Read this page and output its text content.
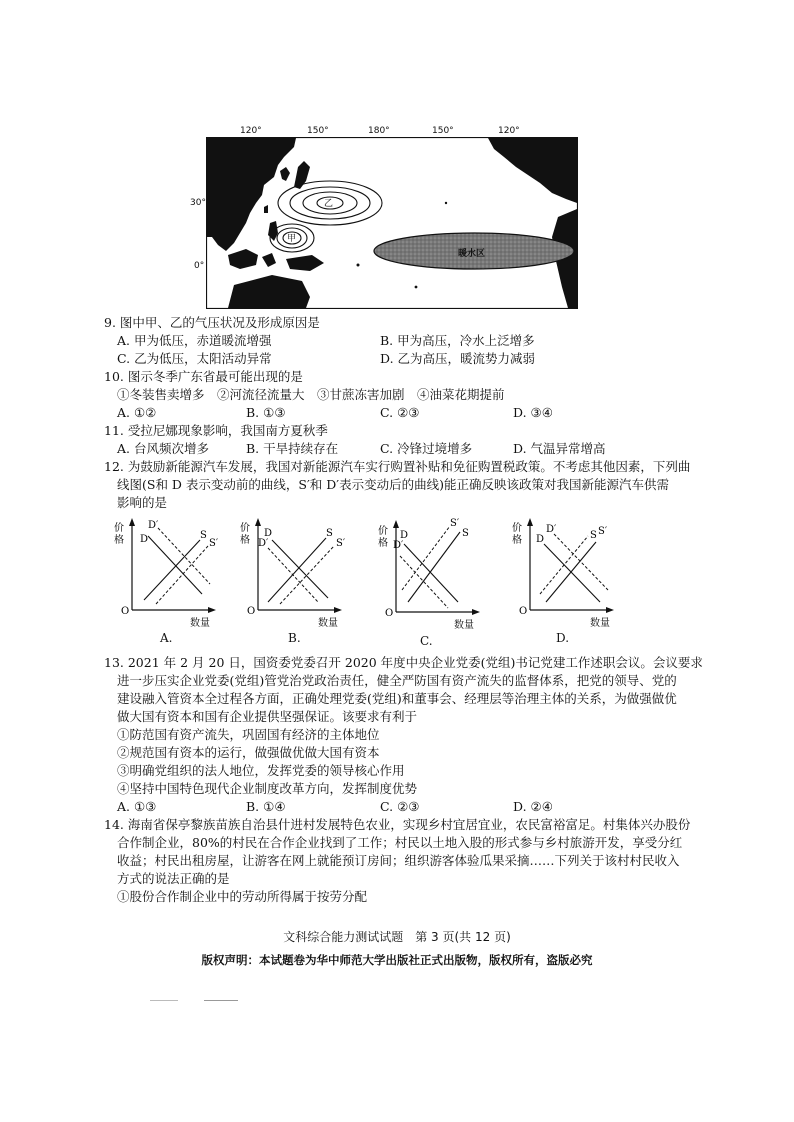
120°	150°	180°	150°	120°
30°
0°
乙
甲
暖水区
9. 图中甲、乙的气压状况及形成原因是
A. 甲为低压，赤道暖流增强	B. 甲为高压，冷水上泛增多
C. 乙为低压，太阳活动异常	D. 乙为高压，暖流势力减弱
10. 图示冬季广东省最可能出现的是
①冬装售卖增多　②河流径流量大　③甘蔗冻害加剧　④油菜花期提前
A. ①②	B. ①③	C. ②③	D. ③④
11. 受拉尼娜现象影响，我国南方夏秋季
A. 台风频次增多	B. 干旱持续存在	C. 冷锋过境增多	D. 气温异常增高
12. 为鼓励新能源汽车发展，我国对新能源汽车实行购置补贴和免征购置税政策。不考虑其他因素，下列曲
线图(S和 D 表示变动前的曲线，S′和 D′表示变动后的曲线)能正确反映该政策对我国新能源汽车供需
影响的是
价
格
O
数量
D
D′
S
S′
A.
价
格
O
数量
D
D′
S
S′
B.
价
格
O
数量
D
D′
S
S′
C.
价
格
O
数量
D
D′
S S′
D.
13. 2021 年 2 月 20 日，国资委党委召开 2020 年度中央企业党委(党组)书记党建工作述职会议。会议要求
进一步压实企业党委(党组)管党治党政治责任，健全严防国有资产流失的监督体系，把党的领导、党的
建设融入管资本全过程各方面，正确处理党委(党组)和董事会、经理层等治理主体的关系，为做强做优
做大国有资本和国有企业提供坚强保证。该要求有利于
①防范国有资产流失，巩固国有经济的主体地位
②规范国有资本的运行，做强做优做大国有资本
③明确党组织的法人地位，发挥党委的领导核心作用
④坚持中国特色现代企业制度改革方向，发挥制度优势
A. ①③	B. ①④	C. ②③	D. ②④
14. 海南省保亭黎族苗族自治县什进村发展特色农业，实现乡村宜居宜业，农民富裕富足。村集体兴办股份
合作制企业，80%的村民在合作企业找到了工作；村民以土地入股的形式参与乡村旅游开发，享受分红
收益；村民出租房屋，让游客在网上就能预订房间；组织游客体验瓜果采摘……下列关于该村村民收入
方式的说法正确的是
①股份合作制企业中的劳动所得属于按劳分配
文科综合能力测试试题　第 3 页(共 12 页)
版权声明：本试题卷为华中师范大学出版社正式出版物，版权所有，盗版必究
